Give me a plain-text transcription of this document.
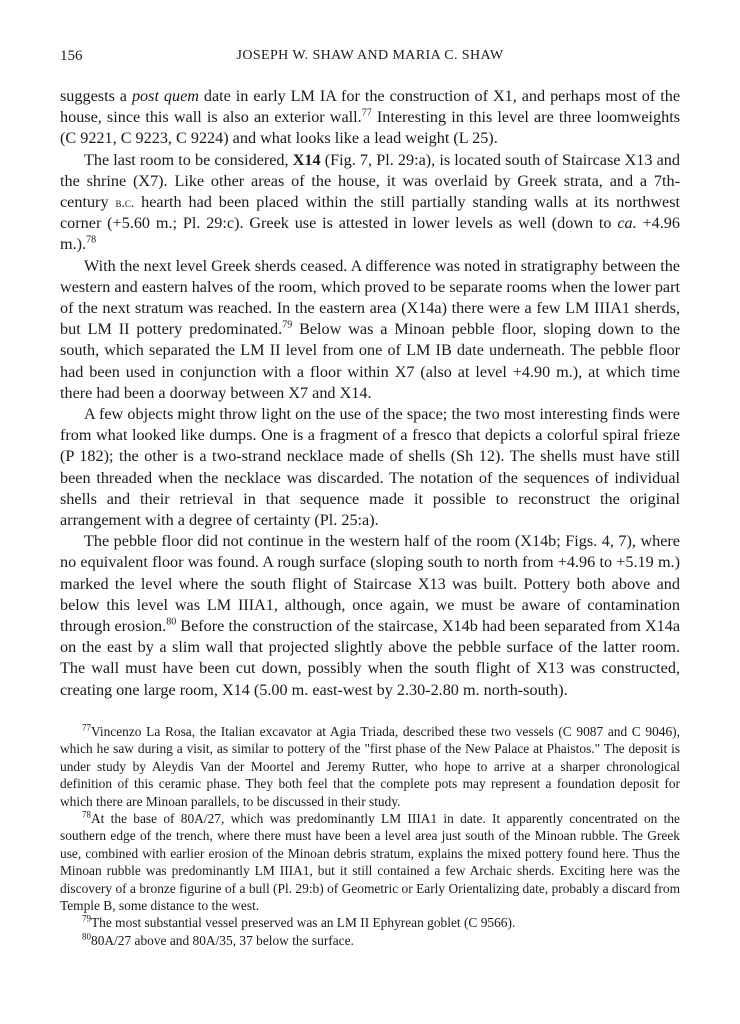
156	JOSEPH W. SHAW AND MARIA C. SHAW

suggests a post quem date in early LM IA for the construction of X1, and perhaps most of the house, since this wall is also an exterior wall.$^{77}$ Interesting in this level are three loomweights (C 9221, C 9223, C 9224) and what looks like a lead weight (L 25).

The last room to be considered, X14 (Fig. 7, Pl. 29:a), is located south of Staircase X13 and the shrine (X7). Like other areas of the house, it was overlaid by Greek strata, and a 7th-century b.c. hearth had been placed within the still partially standing walls at its northwest corner (+5.60 m.; Pl. 29:c). Greek use is attested in lower levels as well (down to ca. +4.96 m.).$^{78}$

With the next level Greek sherds ceased. A difference was noted in stratigraphy between the western and eastern halves of the room, which proved to be separate rooms when the lower part of the next stratum was reached. In the eastern area (X14a) there were a few LM IIIA1 sherds, but LM II pottery predominated.$^{79}$ Below was a Minoan pebble floor, sloping down to the south, which separated the LM II level from one of LM IB date underneath. The pebble floor had been used in conjunction with a floor within X7 (also at level +4.90 m.), at which time there had been a doorway between X7 and X14.

A few objects might throw light on the use of the space; the two most interesting finds were from what looked like dumps. One is a fragment of a fresco that depicts a colorful spiral frieze (P 182); the other is a two-strand necklace made of shells (Sh 12). The shells must have still been threaded when the necklace was discarded. The notation of the sequences of individual shells and their retrieval in that sequence made it possible to reconstruct the original arrangement with a degree of certainty (Pl. 25:a).

The pebble floor did not continue in the western half of the room (X14b; Figs. 4, 7), where no equivalent floor was found. A rough surface (sloping south to north from +4.96 to +5.19 m.) marked the level where the south flight of Staircase X13 was built. Pottery both above and below this level was LM IIIA1, although, once again, we must be aware of contamination through erosion.$^{80}$ Before the construction of the staircase, X14b had been separated from X14a on the east by a slim wall that projected slightly above the pebble surface of the latter room. The wall must have been cut down, possibly when the south flight of X13 was constructed, creating one large room, X14 (5.00 m. east-west by 2.30-2.80 m. north-south).

$^{77}$Vincenzo La Rosa, the Italian excavator at Agia Triada, described these two vessels (C 9087 and C 9046), which he saw during a visit, as similar to pottery of the "first phase of the New Palace at Phaistos." The deposit is under study by Aleydis Van der Moortel and Jeremy Rutter, who hope to arrive at a sharper chronological definition of this ceramic phase. They both feel that the complete pots may represent a foundation deposit for which there are Minoan parallels, to be discussed in their study.

$^{78}$At the base of 80A/27, which was predominantly LM IIIA1 in date. It apparently concentrated on the southern edge of the trench, where there must have been a level area just south of the Minoan rubble. The Greek use, combined with earlier erosion of the Minoan debris stratum, explains the mixed pottery found here. Thus the Minoan rubble was predominantly LM IIIA1, but it still contained a few Archaic sherds. Exciting here was the discovery of a bronze figurine of a bull (Pl. 29:b) of Geometric or Early Orientalizing date, probably a discard from Temple B, some distance to the west.

$^{79}$The most substantial vessel preserved was an LM II Ephyrean goblet (C 9566).

$^{80}$80A/27 above and 80A/35, 37 below the surface.
